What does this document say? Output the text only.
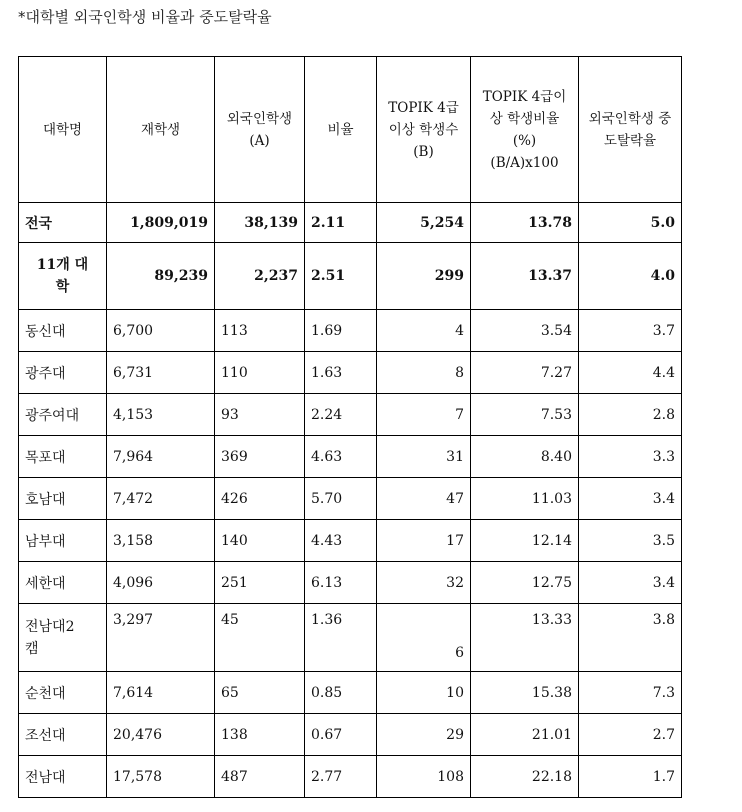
*대학별 외국인학생 비율과 중도탈락율
대학명	재학생	외국인학생(A)	비율	TOPIK 4급이상 학생수 (B)	TOPIK 4급이상 학생비율 (%) (B/A)x100	외국인학생 중도탈락율
전국	1,809,019	38,139	2.11	5,254	13.78	5.0
11개 대학	89,239	2,237	2.51	299	13.37	4.0
동신대	6,700	113	1.69	4	3.54	3.7
광주대	6,731	110	1.63	8	7.27	4.4
광주여대	4,153	93	2.24	7	7.53	2.8
목포대	7,964	369	4.63	31	8.40	3.3
호남대	7,472	426	5.70	47	11.03	3.4
남부대	3,158	140	4.43	17	12.14	3.5
세한대	4,096	251	6.13	32	12.75	3.4
전남대2캠	3,297	45	1.36	6	13.33	3.8
순천대	7,614	65	0.85	10	15.38	7.3
조선대	20,476	138	0.67	29	21.01	2.7
전남대	17,578	487	2.77	108	22.18	1.7
